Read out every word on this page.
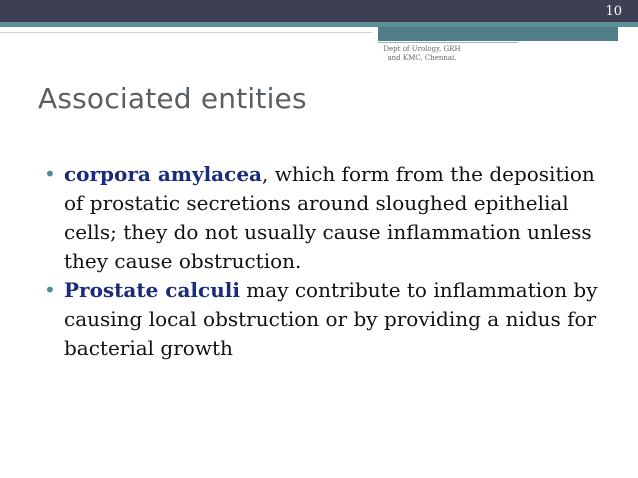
10
Dept of Urology, GRH
and KMC, Chennai.
Associated entities
• corpora amylacea, which form from the deposition of prostatic secretions around sloughed epithelial cells; they do not usually cause inflammation unless they cause obstruction.
• Prostate calculi may contribute to inflammation by causing local obstruction or by providing a nidus for bacterial growth
